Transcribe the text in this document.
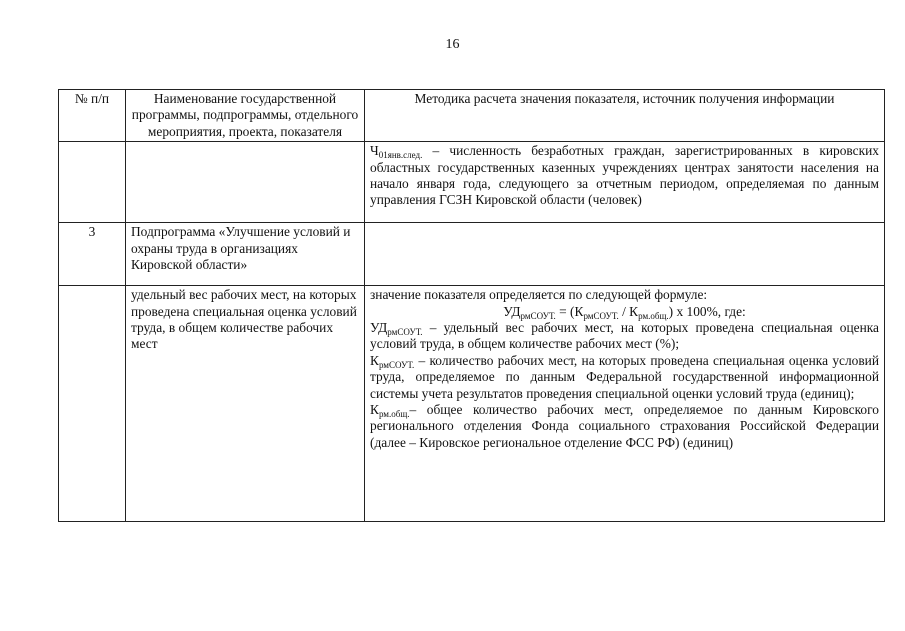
16
№ п/п	Наименование государственной программы, подпрограммы, отдельного мероприятия, проекта, показателя	Методика расчета значения показателя, источник получения информации
		$Ч_{01янв.след.}$ – численность безработных граждан, зарегистрированных в кировских областных государственных казенных учреждениях центрах занятости населения на начало января года, следующего за отчетным периодом, определяемая по данным управления ГСЗН Кировской области (человек)
3	Подпрограмма «Улучшение условий и охраны труда в организациях Кировской области»	
	удельный вес рабочих мест, на которых проведена специальная оценка условий труда, в общем количестве рабочих мест	значение показателя определяется по следующей формуле:

$УД_{рмСОУТ.} = (К_{рмСОУТ.} / К_{рм.общ.})$ х 100%, где:

$УД_{рмСОУТ.}$ – удельный вес рабочих мест, на которых проведена специальная оценка условий труда, в общем количестве рабочих мест (%);

$К_{рмСОУТ.}$ – количество рабочих мест, на которых проведена специальная оценка условий труда, определяемое по данным Федеральной государственной информационной системы учета результатов проведения специальной оценки условий труда (единиц);

$К_{рм.общ.}-$ общее количество рабочих мест, определяемое по данным Кировского регионального отделения Фонда социального страхования Российской Федерации (далее – Кировское региональное отделение ФСС РФ) (единиц)
